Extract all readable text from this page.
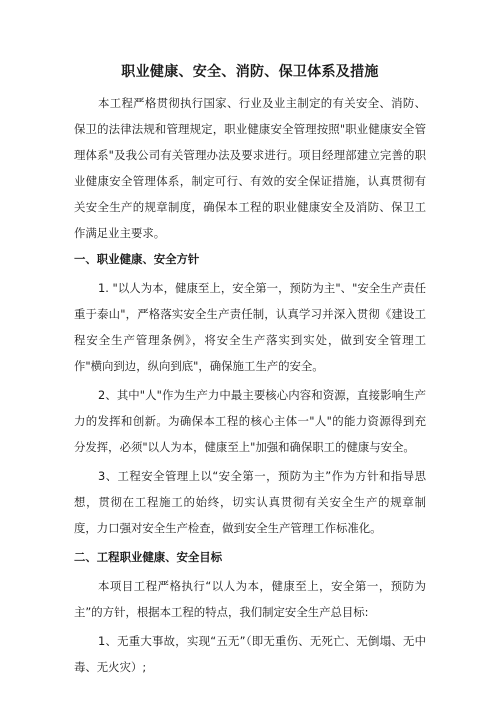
职业健康、安全、消防、保卫体系及措施

本工程严格贯彻执行国家、行业及业主制定的有关安全、消防、保卫的法律法规和管理规定，职业健康安全管理按照"职业健康安全管理体系"及我公司有关管理办法及要求进行。项目经理部建立完善的职业健康安全管理体系，制定可行、有效的安全保证措施，认真贯彻有关安全生产的规章制度，确保本工程的职业健康安全及消防、保卫工作满足业主要求。

一、职业健康、安全方针

1. "以人为本，健康至上，安全第一，预防为主"、"安全生产责任重于泰山"，严格落实安全生产责任制，认真学习并深入贯彻《建设工程安全生产管理条例》，将安全生产落实到实处，做到安全管理工作"横向到边，纵向到底"，确保施工生产的安全。

2、其中"人"作为生产力中最主要核心内容和资源，直接影响生产力的发挥和创新。为确保本工程的核心主体一"人"的能力资源得到充分发挥，必须"以人为本，健康至上"加强和确保职工的健康与安全。

3、工程安全管理上以“安全第一，预防为主”作为方针和指导思想，贯彻在工程施工的始终，切实认真贯彻有关安全生产的规章制度，力口强对安全生产检查，做到安全生产管理工作标准化。

二、工程职业健康、安全目标

本项目工程严格执行“以人为本，健康至上，安全第一，预防为主”的方针，根据本工程的特点，我们制定安全生产总目标:

1、无重大事故，实现“五无”（即无重伤、无死亡、无倒塌、无中毒、无火灾）;
